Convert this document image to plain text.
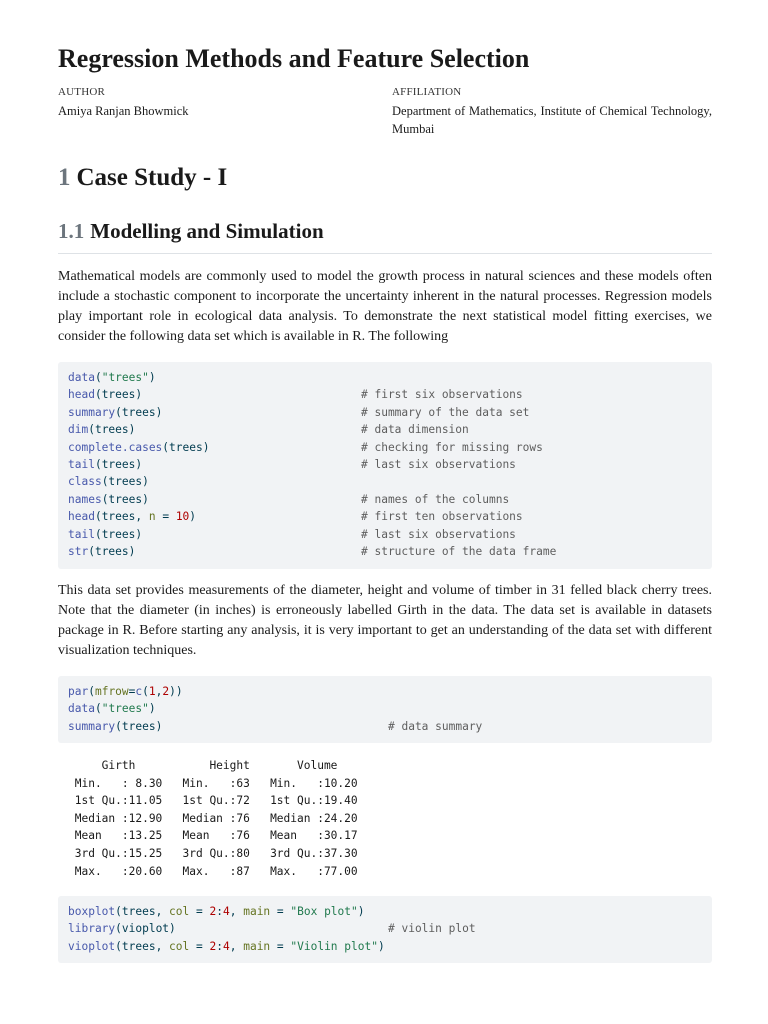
Regression Methods and Feature Selection
AUTHOR
Amiya Ranjan Bhowmick
AFFILIATION
Department of Mathematics, Institute of Chemical Technology, Mumbai
1 Case Study - I
1.1 Modelling and Simulation

Mathematical models are commonly used to model the growth process in natural sciences and these models often include a stochastic component to incorporate the uncertainty inherent in the natural processes. Regression models play important role in ecological data analysis. To demonstrate the next statistical model fitting exercises, we consider the following data set which is available in R. The following

data("trees")
head(trees)	# first six observations
summary(trees)	# summary of the data set
dim(trees)	# data dimension
complete.cases(trees)	# checking for missing rows
tail(trees)	# last six observations
class(trees)
names(trees)	# names of the columns
head(trees, n = 10)	# first ten observations
tail(trees)	# last six observations
str(trees)	# structure of the data frame

This data set provides measurements of the diameter, height and volume of timber in 31 felled black cherry trees. Note that the diameter (in inches) is erroneously labelled Girth in the data. The data set is available in datasets package in R. Before starting any analysis, it is very important to get an understanding of the data set with different visualization techniques.

par(mfrow=c(1,2))
data("trees")
summary(trees)	# data summary
Girth           Height       Volume
Min.   : 8.30   Min.   :63   Min.   :10.20
1st Qu.:11.05   1st Qu.:72   1st Qu.:19.40
Median :12.90   Median :76   Median :24.20
Mean   :13.25   Mean   :76   Mean   :30.17
3rd Qu.:15.25   3rd Qu.:80   3rd Qu.:37.30
Max.   :20.60   Max.   :87   Max.   :77.00
boxplot(trees, col = 2:4, main = "Box plot")
library(vioplot)	# violin plot
vioplot(trees, col = 2:4, main = "Violin plot")
